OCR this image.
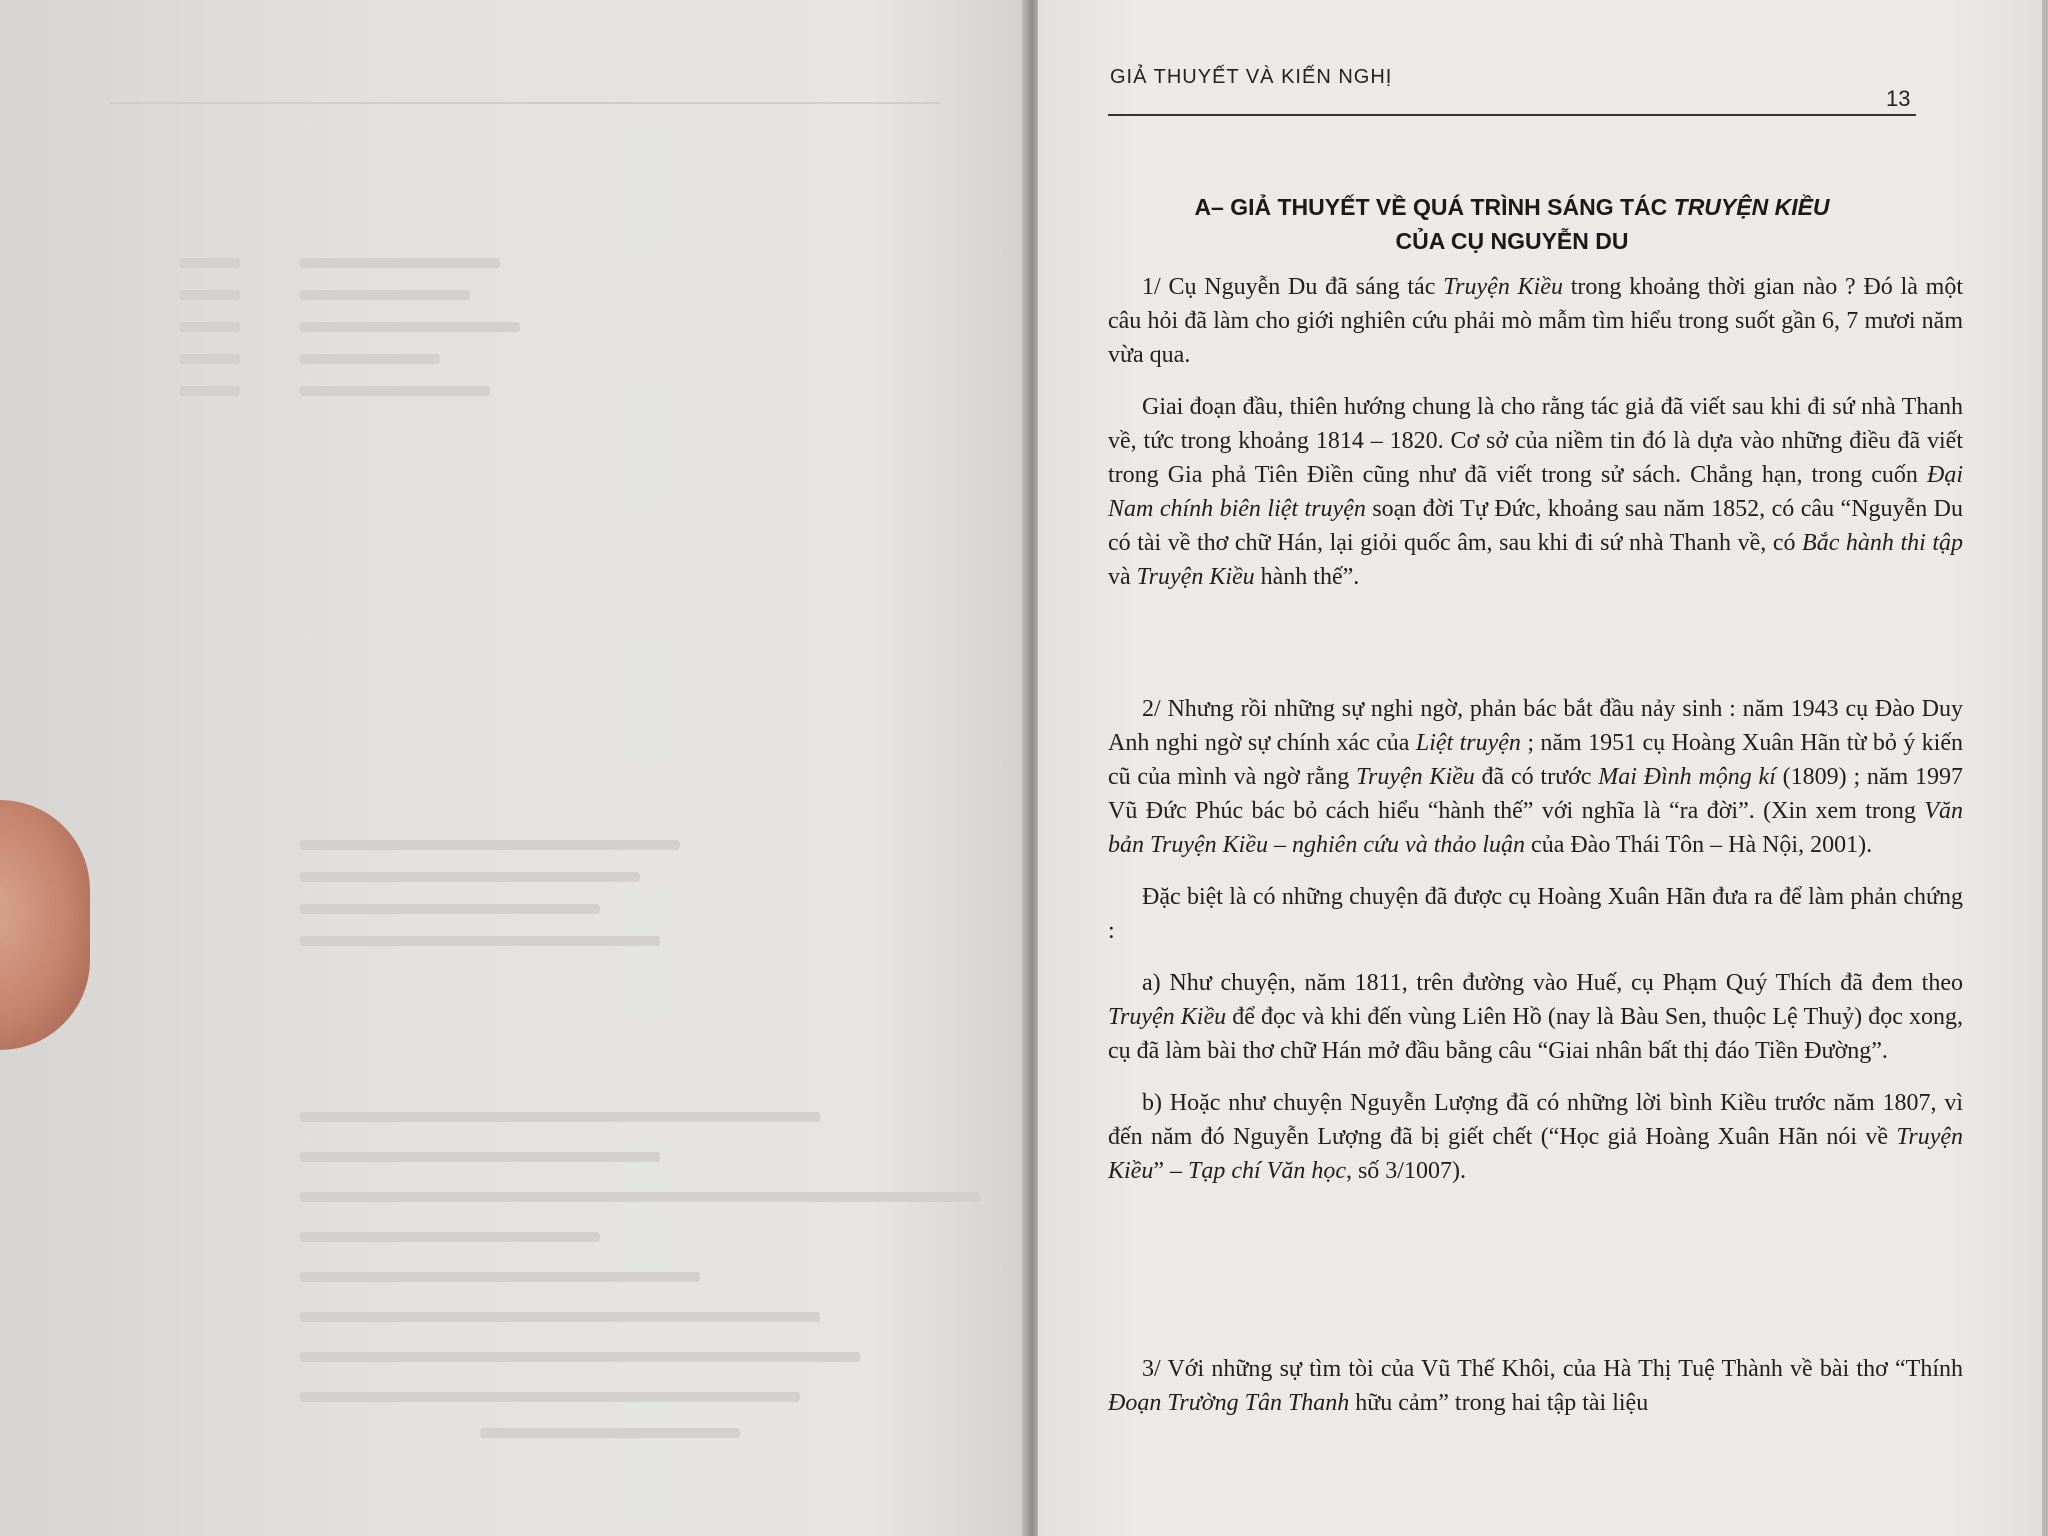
GIẢ THUYẾT VÀ KIẾN NGHỊ
13
A– GIẢ THUYẾT VỀ QUÁ TRÌNH SÁNG TÁC TRUYỆN KIỀU
CỦA CỤ NGUYỄN DU

1/ Cụ Nguyễn Du đã sáng tác Truyện Kiều trong khoảng thời gian nào ? Đó là một câu hỏi đã làm cho giới nghiên cứu phải mò mẫm tìm hiểu trong suốt gần 6, 7 mươi năm vừa qua.

Giai đoạn đầu, thiên hướng chung là cho rằng tác giả đã viết sau khi đi sứ nhà Thanh về, tức trong khoảng 1814 – 1820. Cơ sở của niềm tin đó là dựa vào những điều đã viết trong Gia phả Tiên Điền cũng như đã viết trong sử sách. Chẳng hạn, trong cuốn Đại Nam chính biên liệt truyện soạn đời Tự Đức, khoảng sau năm 1852, có câu “Nguyễn Du có tài về thơ chữ Hán, lại giỏi quốc âm, sau khi đi sứ nhà Thanh về, có Bắc hành thi tập và Truyện Kiều hành thế”.

2/ Nhưng rồi những sự nghi ngờ, phản bác bắt đầu nảy sinh : năm 1943 cụ Đào Duy Anh nghi ngờ sự chính xác của Liệt truyện ; năm 1951 cụ Hoàng Xuân Hãn từ bỏ ý kiến cũ của mình và ngờ rằng Truyện Kiều đã có trước Mai Đình mộng kí (1809) ; năm 1997 Vũ Đức Phúc bác bỏ cách hiểu “hành thế” với nghĩa là “ra đời”. (Xin xem trong Văn bản Truyện Kiều – nghiên cứu và thảo luận của Đào Thái Tôn – Hà Nội, 2001).

Đặc biệt là có những chuyện đã được cụ Hoàng Xuân Hãn đưa ra để làm phản chứng :

a) Như chuyện, năm 1811, trên đường vào Huế, cụ Phạm Quý Thích đã đem theo Truyện Kiều để đọc và khi đến vùng Liên Hồ (nay là Bàu Sen, thuộc Lệ Thuỷ) đọc xong, cụ đã làm bài thơ chữ Hán mở đầu bằng câu “Giai nhân bất thị đáo Tiền Đường”.

b) Hoặc như chuyện Nguyễn Lượng đã có những lời bình Kiều trước năm 1807, vì đến năm đó Nguyễn Lượng đã bị giết chết (“Học giả Hoàng Xuân Hãn nói về Truyện Kiều” – Tạp chí Văn học, số 3/1007).

3/ Với những sự tìm tòi của Vũ Thế Khôi, của Hà Thị Tuệ Thành về bài thơ “Thính Đoạn Trường Tân Thanh hữu cảm” trong hai tập tài liệu
